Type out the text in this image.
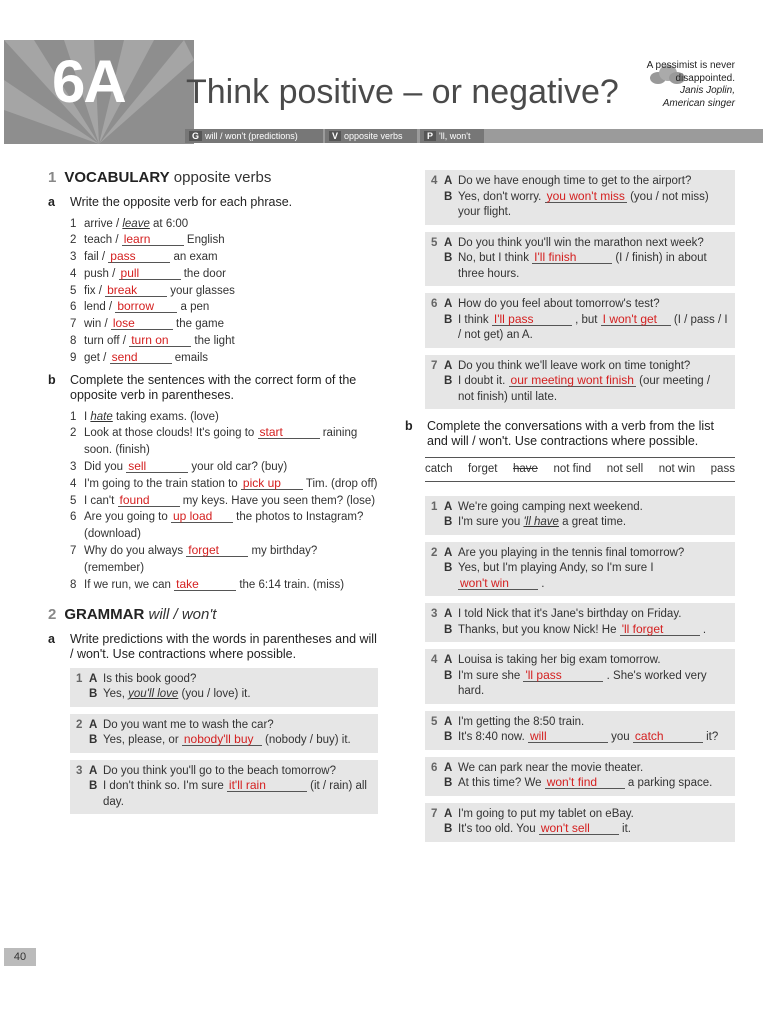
6A Think positive – or negative?
A pessimist is never disappointed.
Janis Joplin,
American singer
G will / won't (predictions)	V opposite verbs	P 'll, won't
1 VOCABULARY opposite verbs
a Write the opposite verb for each phrase.
1 arrive / leave at 6:00
2 teach / learn	English
3 fail / pass	an exam
4 push / pull	the door
5 fix / break	your glasses
6 lend / borrow a pen
7 win / lose	the game
8 turn off / turn on the light
9 get / send	emails
b Complete the sentences with the correct form of the opposite verb in parentheses.
1 I hate taking exams. (love)
2 Look at those clouds! It's going to start	raining soon. (finish)
3 Did you sell	your old car? (buy)
4 I'm going to the train station to pick up Tim. (drop off)
5 I can't found	my keys. Have you seen them? (lose)
6 Are you going to up load the photos to Instagram? (download)
7 Why do you always forget	my birthday? (remember)
8 If we run, we can take	the 6:14 train. (miss)
2 GRAMMAR will / won't
a Write predictions with the words in parentheses and will / won't. Use contractions where possible.
1 A Is this book good?
B Yes, you'll love (you / love) it.
2 A Do you want me to wash the car?
B Yes, please, or nobody'll buy (nobody / buy) it.
3 A Do you think you'll go to the beach tomorrow?
B I don't think so. I'm sure it'll rain	(it / rain) all day.
4 A Do we have enough time to get to the airport?
B Yes, don't worry. you won't miss (you / not miss) your flight.
5 A Do you think you'll win the marathon next week?
B No, but I think I'll finish	(I / finish) in about three hours.
6 A How do you feel about tomorrow's test?
B I think I'll pass	, but I won't get (I / pass / I / not get) an A.
7 A Do you think we'll leave work on time tonight?
B I doubt it. our meeting wont finish (our meeting / not finish) until late.
b Complete the conversations with a verb from the list and will / won't. Use contractions where possible.
catch forget have not find not sell not win pass
1 A We're going camping next weekend.
B I'm sure you 'll have a great time.
2 A Are you playing in the tennis final tomorrow?
B Yes, but I'm playing Andy, so I'm sure I won't win	.
3 A I told Nick that it's Jane's birthday on Friday.
B Thanks, but you know Nick! He 'll forget	.
4 A Louisa is taking her big exam tomorrow.
B I'm sure she 'll pass	. She's worked very hard.
5 A I'm getting the 8:50 train.
B It's 8:40 now. will	you catch	it?
6 A We can park near the movie theater.
B At this time? We won't find a parking space.
7 A I'm going to put my tablet on eBay.
B It's too old. You won't sell	it.
40
